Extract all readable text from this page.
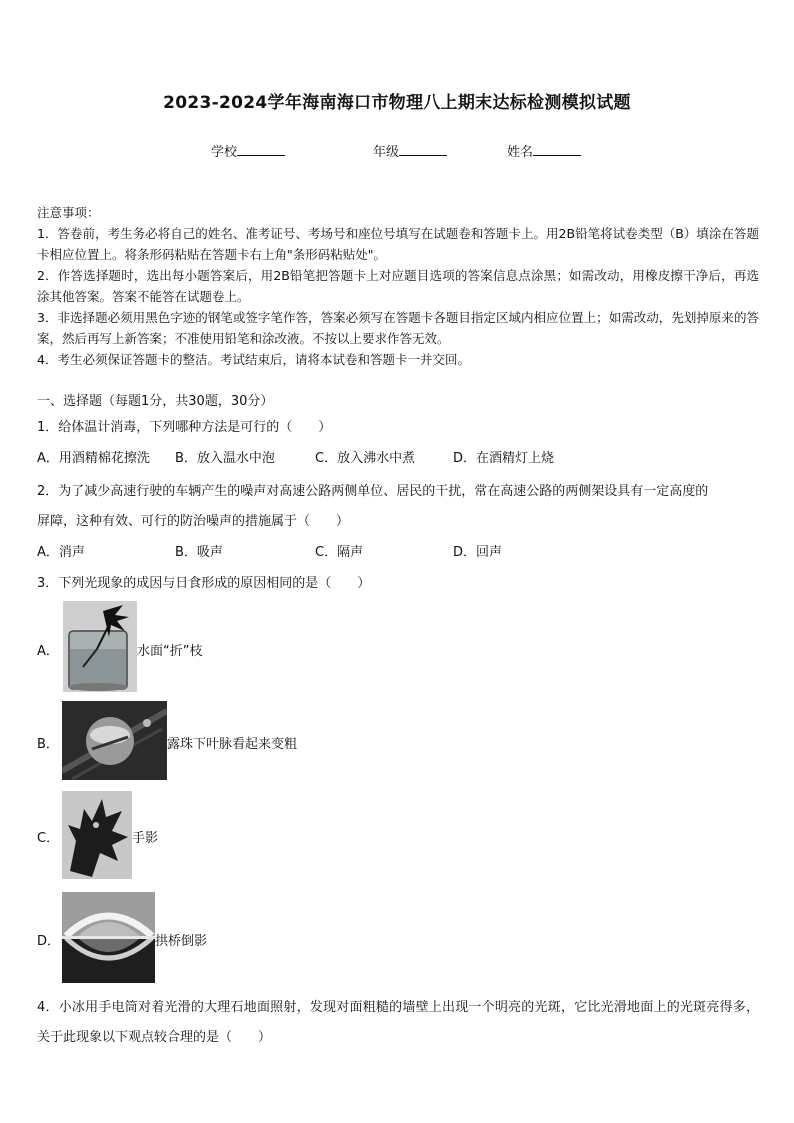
2023-2024学年海南海口市物理八上期末达标检测模拟试题
学校	年级	姓名
注意事项：
1．答卷前，考生务必将自己的姓名、准考证号、考场号和座位号填写在试题卷和答题卡上。用2B铅笔将试卷类型（B）填涂在答题卡相应位置上。将条形码粘贴在答题卡右上角"条形码粘贴处"。
2．作答选择题时，选出每小题答案后，用2B铅笔把答题卡上对应题目选项的答案信息点涂黑；如需改动，用橡皮擦干净后，再选涂其他答案。答案不能答在试题卷上。
3．非选择题必须用黑色字迹的钢笔或签字笔作答，答案必须写在答题卡各题目指定区域内相应位置上；如需改动，先划掉原来的答案，然后再写上新答案；不准使用铅笔和涂改液。不按以上要求作答无效。
4．考生必须保证答题卡的整洁。考试结束后，请将本试卷和答题卡一并交回。
一、选择题（每题1分，共30题，30分）
1．给体温计消毒，下列哪种方法是可行的（　　）
A．用酒精棉花擦洗 B．放入温水中泡	C．放入沸水中煮	D．在酒精灯上烧
2．为了减少高速行驶的车辆产生的噪声对高速公路两侧单位、居民的干扰，常在高速公路的两侧架设具有一定高度的
屏障，这种有效、可行的防治噪声的措施属于（　　）
A．消声	B．吸声	C．隔声	D．回声
3．下列光现象的成因与日食形成的原因相同的是（　　）
A．	水面“折”枝
B．	露珠下叶脉看起来变粗
C．	手影
D．	拱桥倒影
4．小冰用手电筒对着光滑的大理石地面照射，发现对面粗糙的墙壁上出现一个明亮的光斑，它比光滑地面上的光斑亮得多，关于此现象以下观点较合理的是（　　）
